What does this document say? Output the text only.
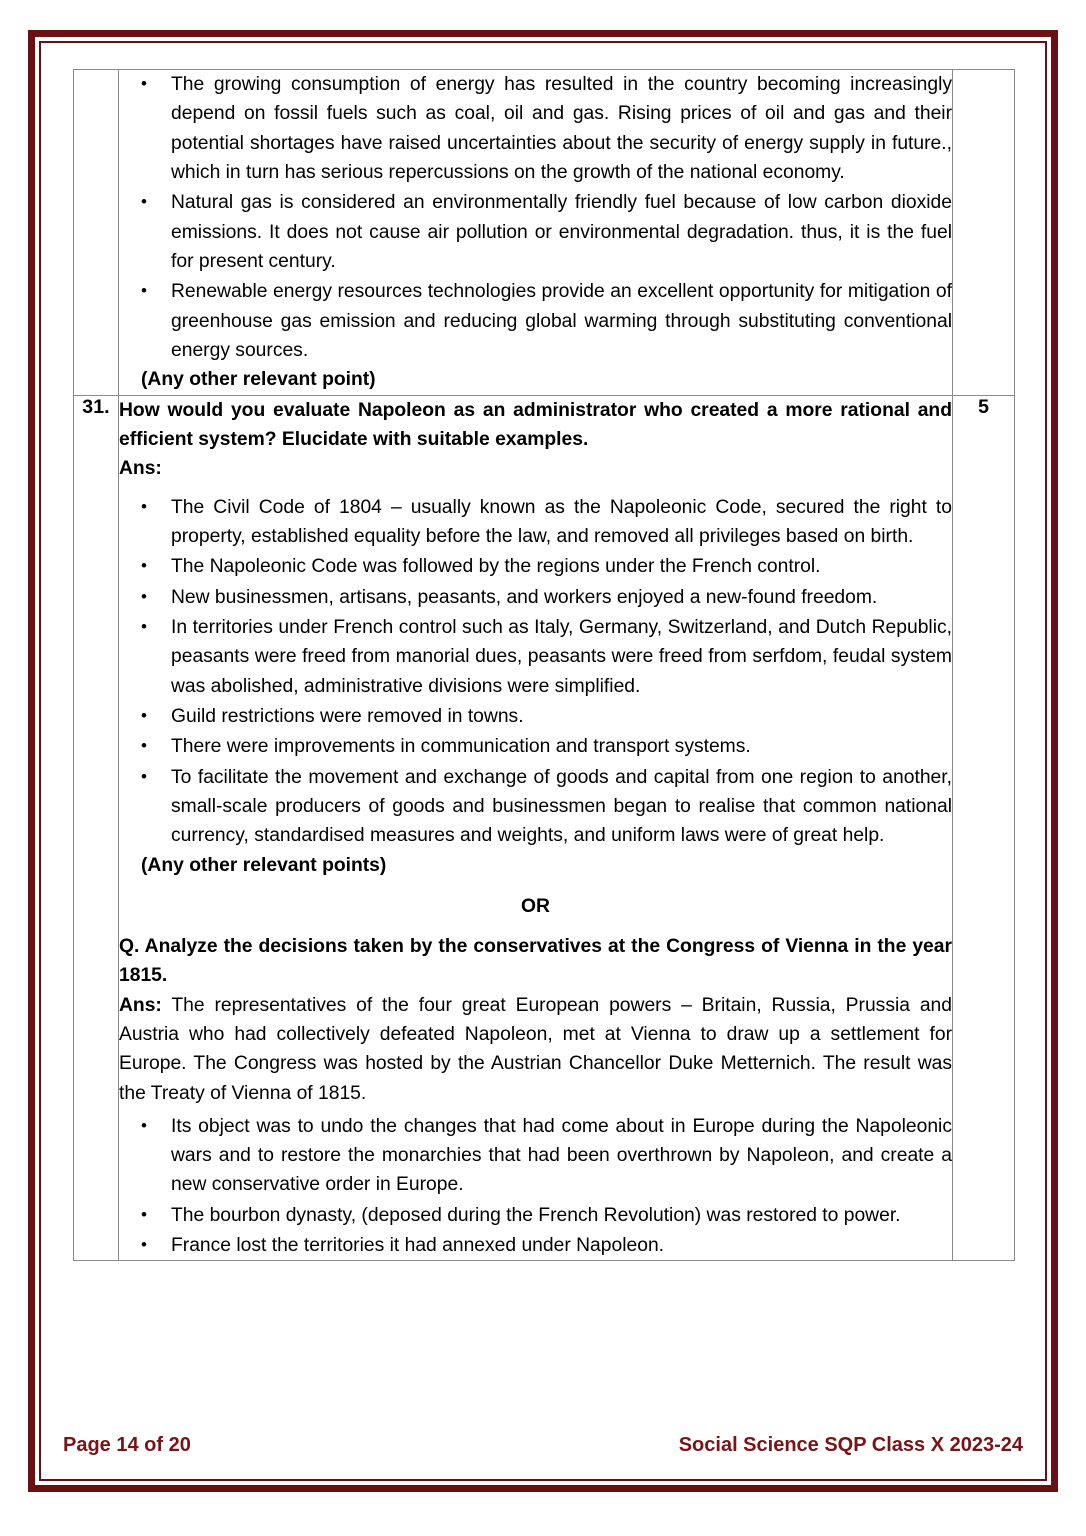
• The growing consumption of energy has resulted in the country becoming increasingly depend on fossil fuels such as coal, oil and gas. Rising prices of oil and gas and their potential shortages have raised uncertainties about the security of energy supply in future., which in turn has serious repercussions on the growth of the national economy.
• Natural gas is considered an environmentally friendly fuel because of low carbon dioxide emissions. It does not cause air pollution or environmental degradation. thus, it is the fuel for present century.
• Renewable energy resources technologies provide an excellent opportunity for mitigation of greenhouse gas emission and reducing global warming through substituting conventional energy sources.

(Any other relevant point)

31.	How would you evaluate Napoleon as an administrator who created a more rational and efficient system? Elucidate with suitable examples.

Ans:

• The Civil Code of 1804 – usually known as the Napoleonic Code, secured the right to property, established equality before the law, and removed all privileges based on birth.
• The Napoleonic Code was followed by the regions under the French control.
• New businessmen, artisans, peasants, and workers enjoyed a new-found freedom.
• In territories under French control such as Italy, Germany, Switzerland, and Dutch Republic, peasants were freed from manorial dues, peasants were freed from serfdom, feudal system was abolished, administrative divisions were simplified.
• Guild restrictions were removed in towns.
• There were improvements in communication and transport systems.
• To facilitate the movement and exchange of goods and capital from one region to another, small-scale producers of goods and businessmen began to realise that common national currency, standardised measures and weights, and uniform laws were of great help.

(Any other relevant points)

OR

Q. Analyze the decisions taken by the conservatives at the Congress of Vienna in the year 1815.

Ans: The representatives of the four great European powers – Britain, Russia, Prussia and Austria who had collectively defeated Napoleon, met at Vienna to draw up a settlement for Europe. The Congress was hosted by the Austrian Chancellor Duke Metternich. The result was the Treaty of Vienna of 1815.

• Its object was to undo the changes that had come about in Europe during the Napoleonic wars and to restore the monarchies that had been overthrown by Napoleon, and create a new conservative order in Europe.
• The bourbon dynasty, (deposed during the French Revolution) was restored to power.
• France lost the territories it had annexed under Napoleon.
	5
Page 14 of 20	Social Science SQP Class X 2023-24
